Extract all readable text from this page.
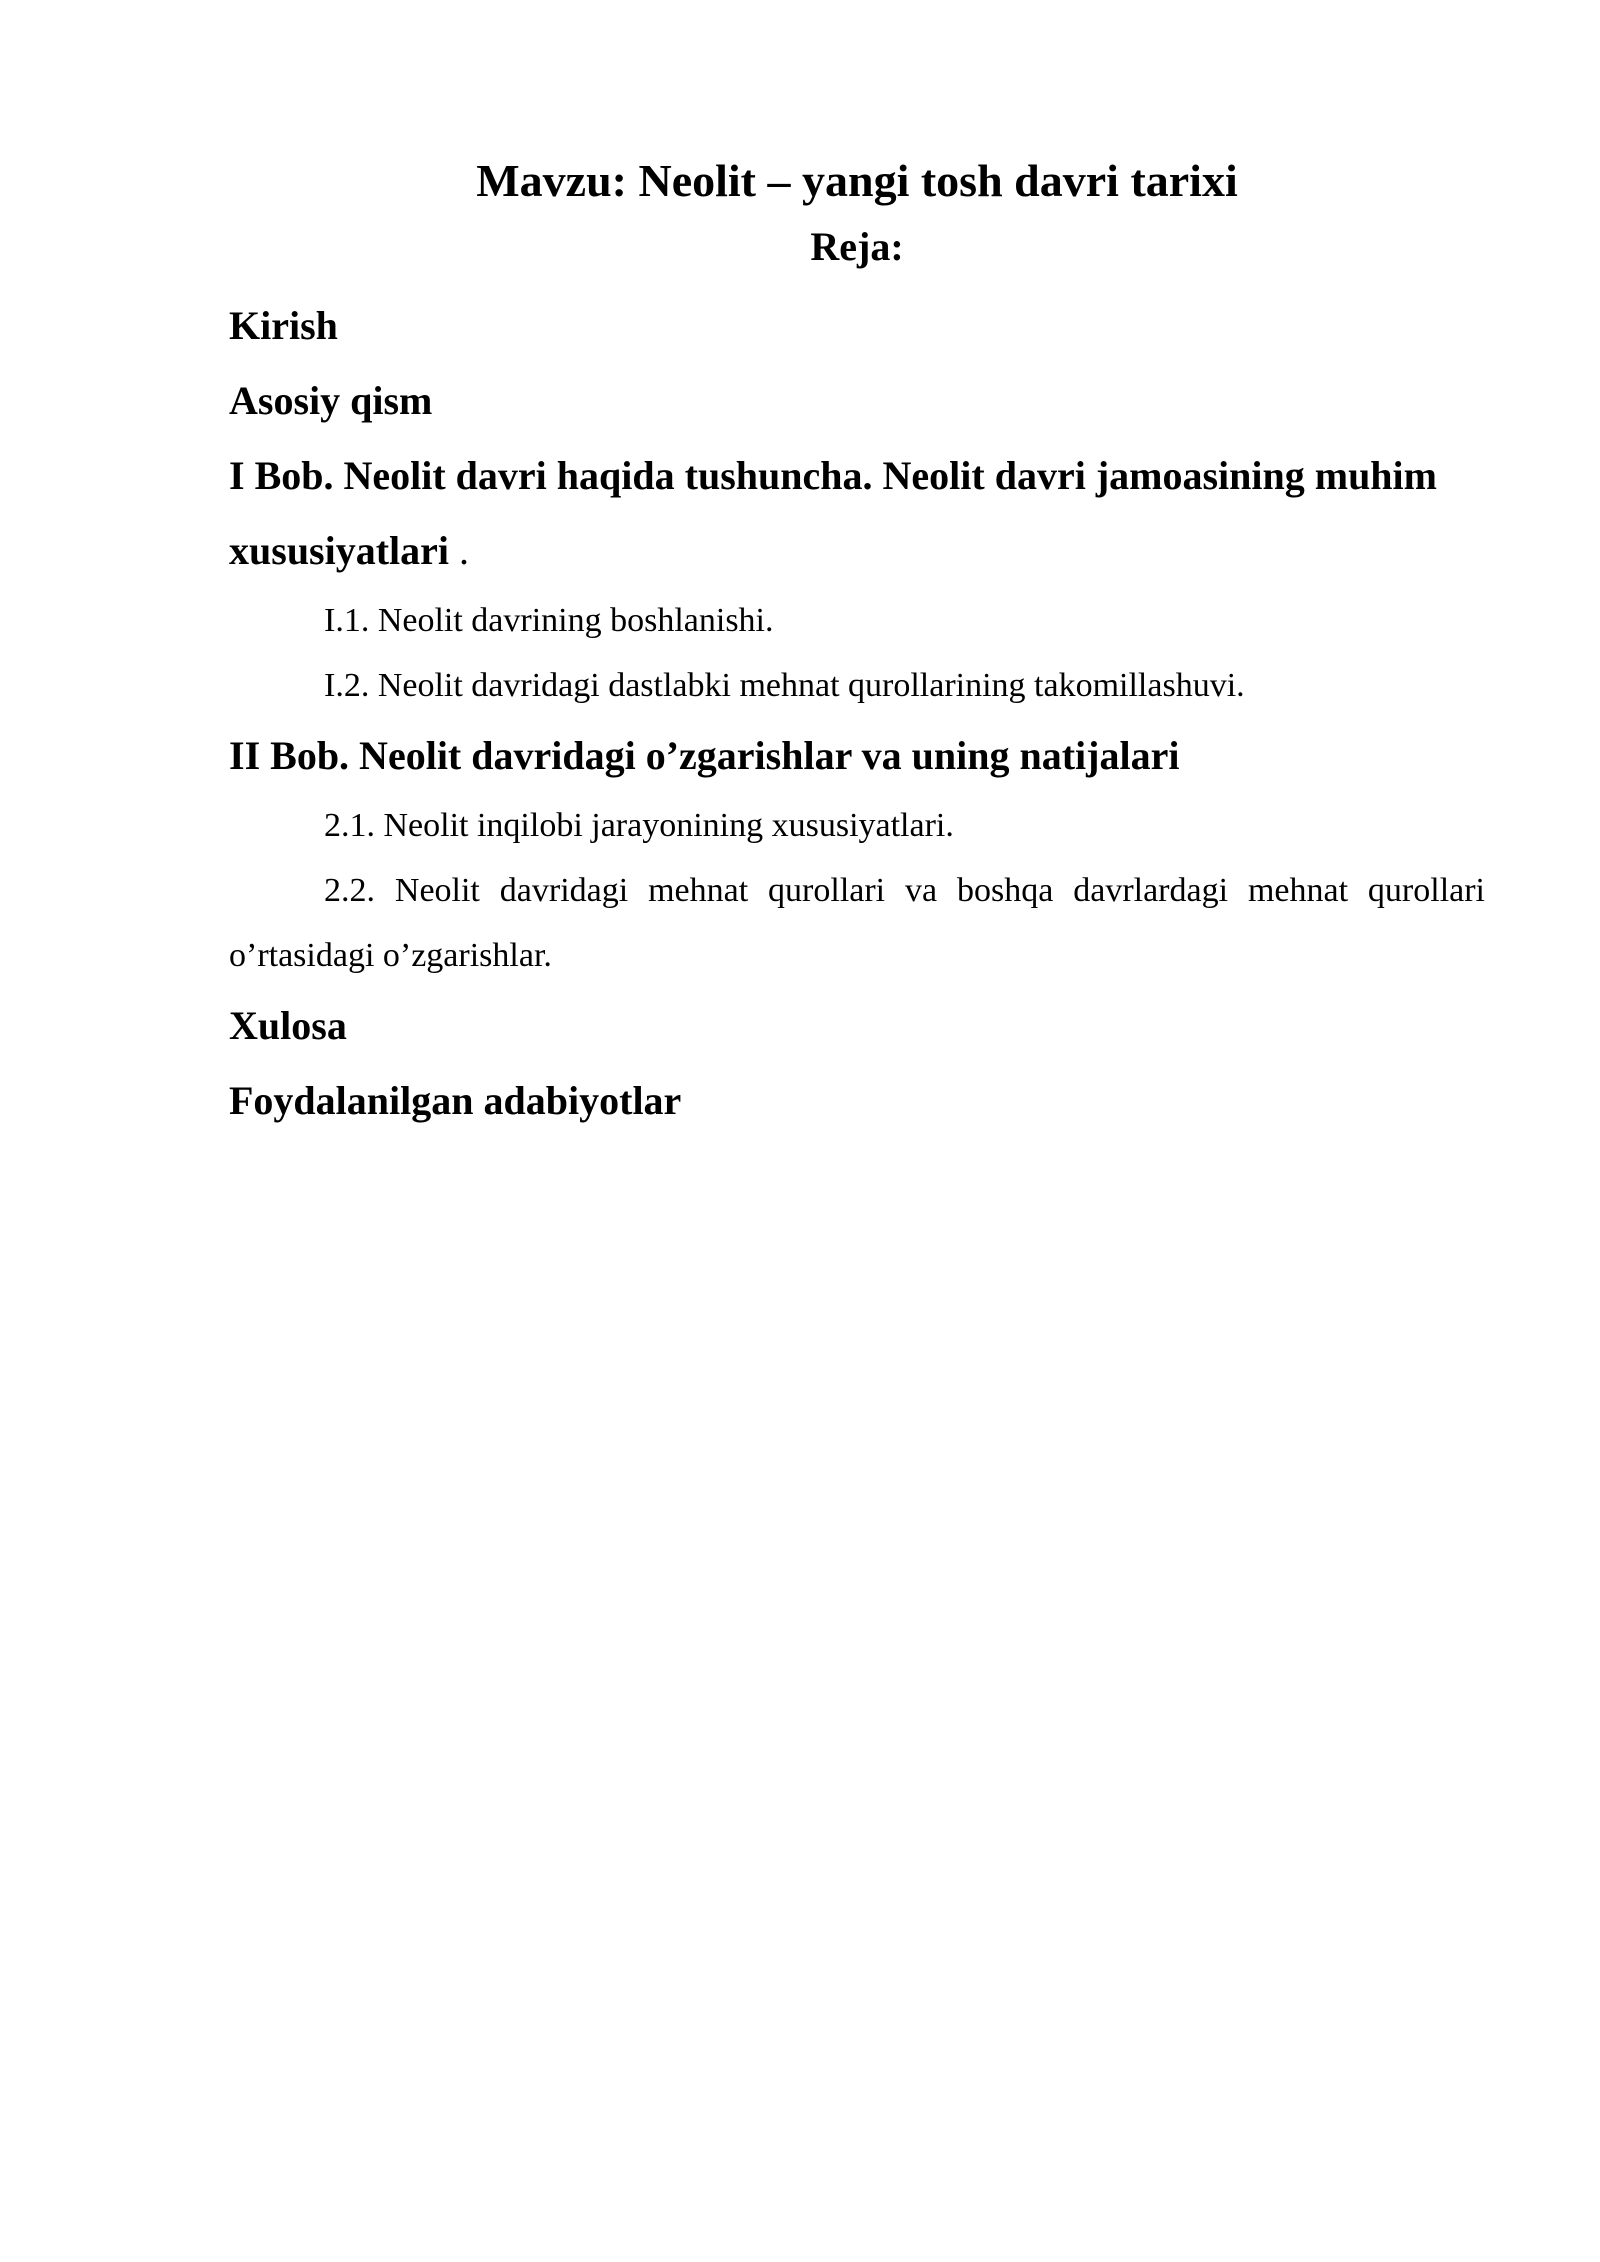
Mavzu: Neolit – yangi tosh davri tarixi

Reja:

Kirish

Asosiy qism

I Bob. Neolit davri haqida tushuncha. Neolit davri jamoasining muhim xususiyatlari .

I.1. Neolit davrining boshlanishi.

I.2. Neolit davridagi dastlabki mehnat qurollarining takomillashuvi.

II Bob. Neolit davridagi o’zgarishlar va uning natijalari

2.1. Neolit inqilobi jarayonining xususiyatlari.

2.2. Neolit davridagi mehnat qurollari va boshqa davrlardagi mehnat qurollari o’rtasidagi o’zgarishlar.

Xulosa

Foydalanilgan adabiyotlar
